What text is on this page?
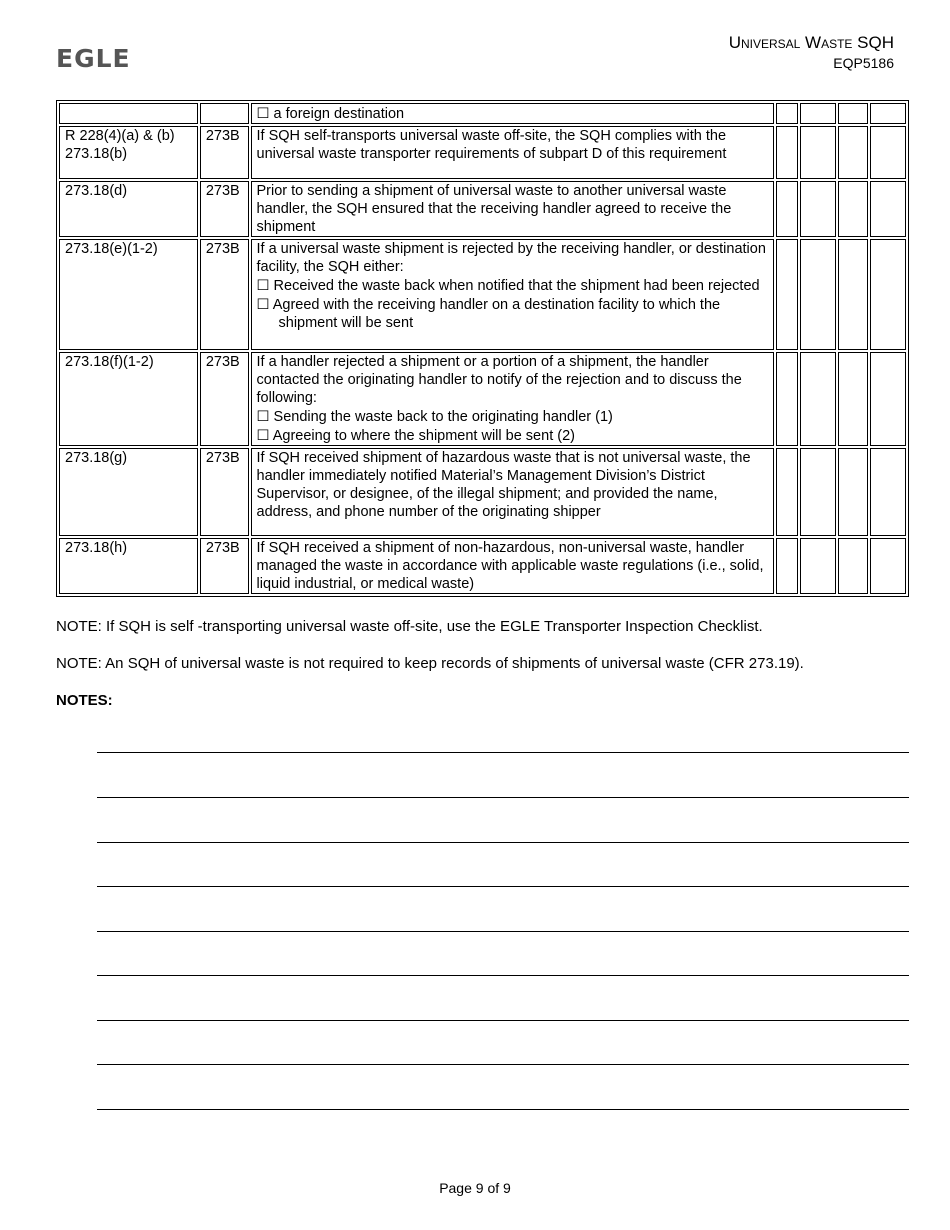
EGLE
Universal Waste SQH
EQP5186

		☐ a foreign destination				

R 228(4)(a) & (b) 273.18(b)	273B	If SQH self-transports universal waste off-site, the SQH complies with the universal waste transporter requirements of subpart D of this requirement				

273.18(d)	273B	Prior to sending a shipment of universal waste to another universal waste handler, the SQH ensured that the receiving handler agreed to receive the shipment				

273.18(e)(1-2)	273B	If a universal waste shipment is rejected by the receiving handler, or destination facility, the SQH either:
☐ Received the waste back when notified that the shipment had been rejected
☐ Agreed with the receiving handler on a destination facility to which the shipment will be sent				

273.18(f)(1-2)	273B	If a handler rejected a shipment or a portion of a shipment, the handler contacted the originating handler to notify of the rejection and to discuss the following:
☐ Sending the waste back to the originating handler (1)
☐ Agreeing to where the shipment will be sent (2)				

273.18(g)	273B	If SQH received shipment of hazardous waste that is not universal waste, the handler immediately notified Material’s Management Division’s District Supervisor, or designee, of the illegal shipment; and provided the name, address, and phone number of the originating shipper				

273.18(h)	273B	If SQH received a shipment of non-hazardous, non-universal waste, handler managed the waste in accordance with applicable waste regulations (i.e., solid, liquid industrial, or medical waste)				

NOTE: If SQH is self -transporting universal waste off-site, use the EGLE Transporter Inspection Checklist.
NOTE: An SQH of universal waste is not required to keep records of shipments of universal waste (CFR 273.19).
NOTES:
Page 9 of 9
